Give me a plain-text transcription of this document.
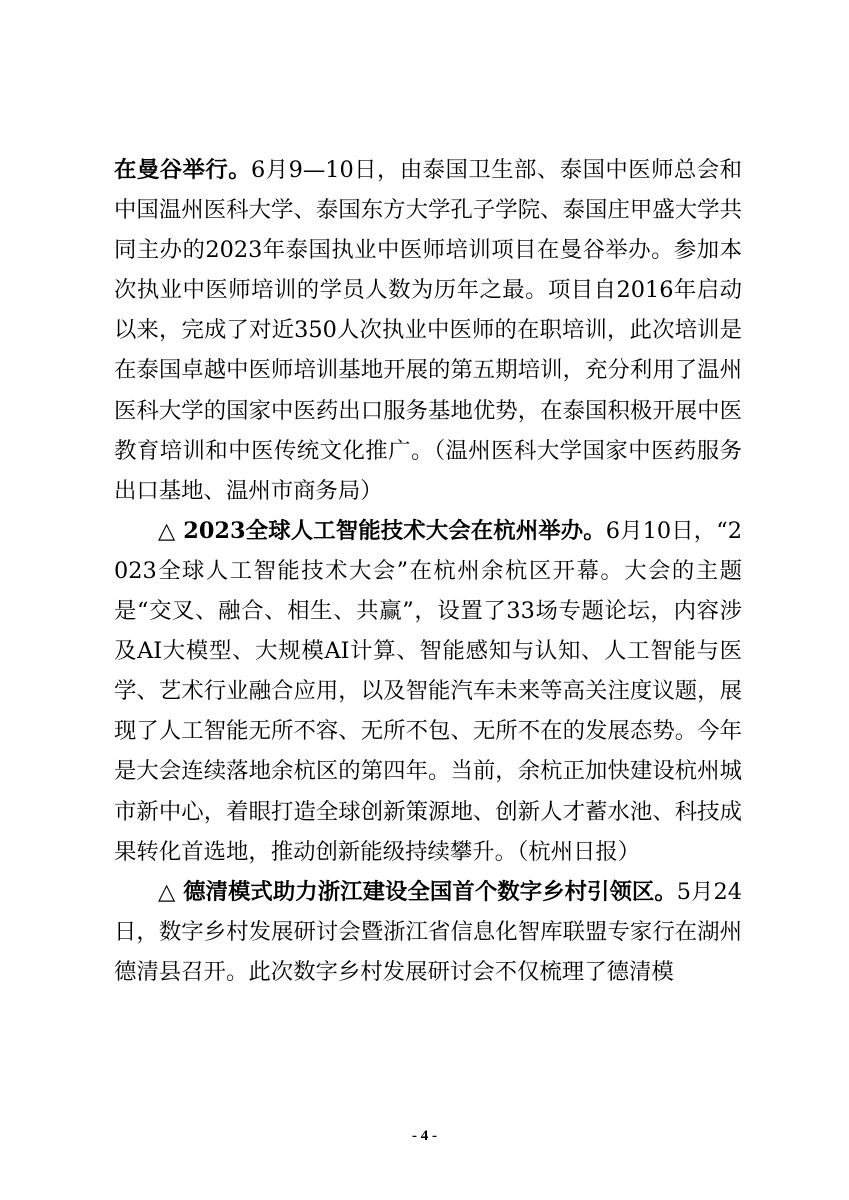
在曼谷举行。6月9—10日，由泰国卫生部、泰国中医师总会和中国温州医科大学、泰国东方大学孔子学院、泰国庄甲盛大学共同主办的2023年泰国执业中医师培训项目在曼谷举办。参加本次执业中医师培训的学员人数为历年之最。项目自2016年启动以来，完成了对近350人次执业中医师的在职培训，此次培训是在泰国卓越中医师培训基地开展的第五期培训，充分利用了温州医科大学的国家中医药出口服务基地优势，在泰国积极开展中医教育培训和中医传统文化推广。（温州医科大学国家中医药服务出口基地、温州市商务局）

△ 2023全球人工智能技术大会在杭州举办。6月10日，“2023全球人工智能技术大会”在杭州余杭区开幕。大会的主题是“交叉、融合、相生、共赢”，设置了33场专题论坛，内容涉及AI大模型、大规模AI计算、智能感知与认知、人工智能与医学、艺术行业融合应用，以及智能汽车未来等高关注度议题，展现了人工智能无所不容、无所不包、无所不在的发展态势。今年是大会连续落地余杭区的第四年。当前，余杭正加快建设杭州城市新中心，着眼打造全球创新策源地、创新人才蓄水池、科技成果转化首选地，推动创新能级持续攀升。（杭州日报）

△ 德清模式助力浙江建设全国首个数字乡村引领区。5月24日，数字乡村发展研讨会暨浙江省信息化智库联盟专家行在湖州德清县召开。此次数字乡村发展研讨会不仅梳理了德清模

- 4 -
